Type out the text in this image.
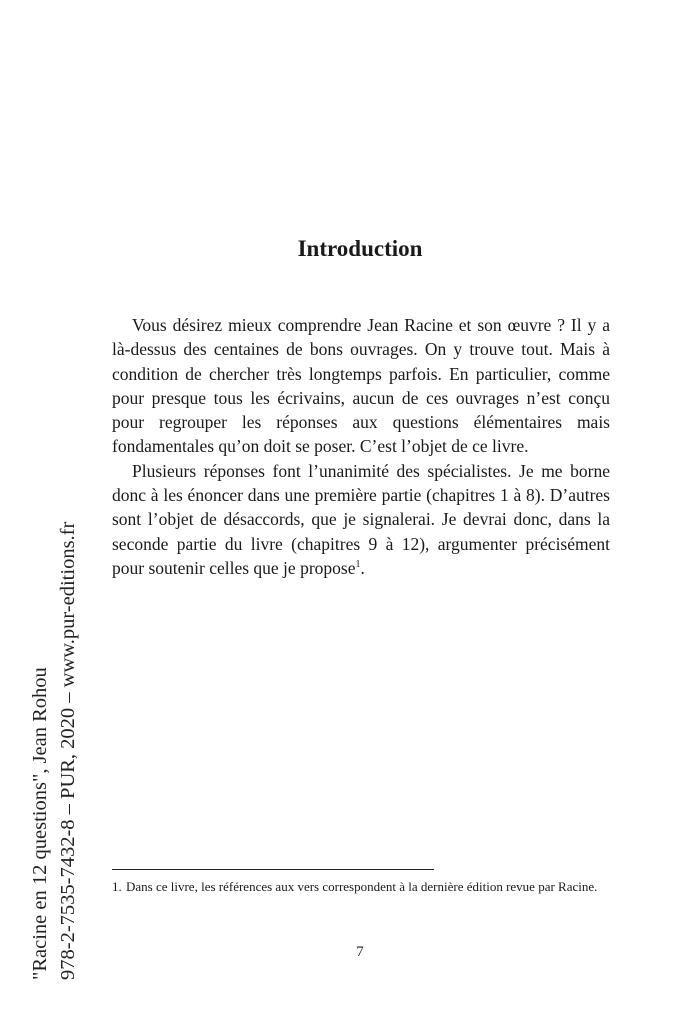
Introduction

Vous désirez mieux comprendre Jean Racine et son œuvre ? Il y a là-dessus des centaines de bons ouvrages. On y trouve tout. Mais à condition de chercher très longtemps parfois. En particulier, comme pour presque tous les écrivains, aucun de ces ouvrages n’est conçu pour regrouper les réponses aux questions élémentaires mais fondamentales qu’on doit se poser. C’est l’objet de ce livre.

Plusieurs réponses font l’unanimité des spécialistes. Je me borne donc à les énoncer dans une première partie (chapitres 1 à 8). D’autres sont l’objet de désaccords, que je signalerai. Je devrai donc, dans la seconde partie du livre (chapitres 9 à 12), argumenter précisément pour soutenir celles que je propose$^1$.

1. Dans ce livre, les références aux vers correspondent à la dernière édition revue par Racine.
7
"Racine en 12 questions", Jean Rohou 978-2-7535-7432-8 – PUR, 2020 – www.pur-editions.fr
